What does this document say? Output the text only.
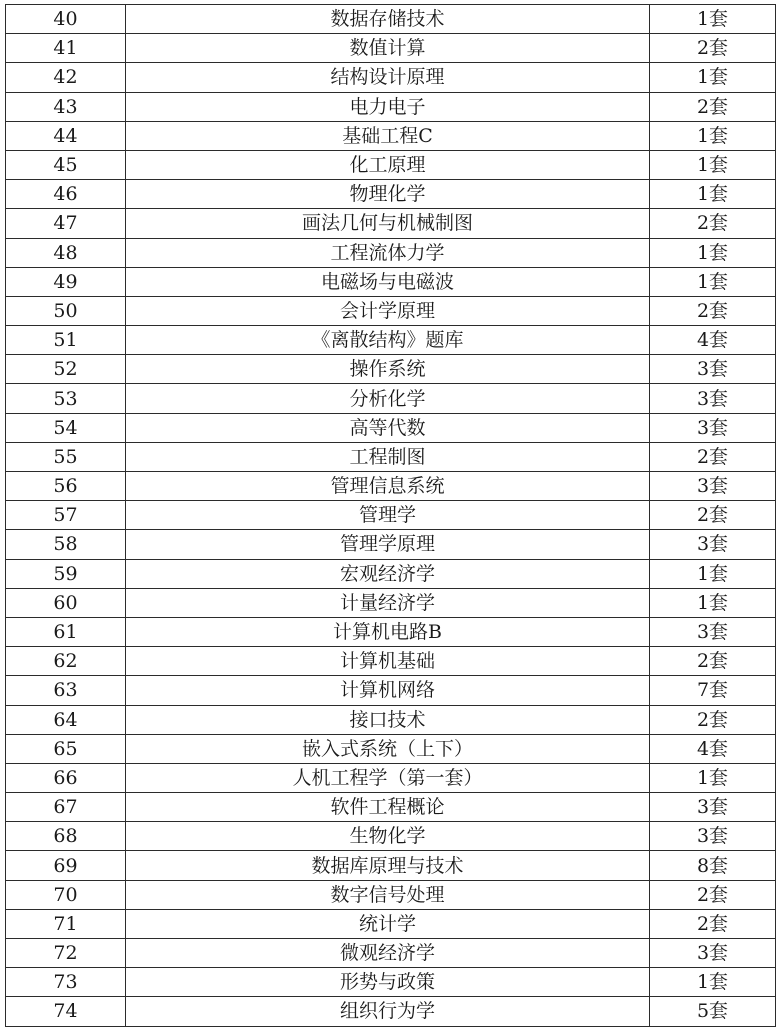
40	数据存储技术	1套
41	数值计算	2套
42	结构设计原理	1套
43	电力电子	2套
44	基础工程C	1套
45	化工原理	1套
46	物理化学	1套
47	画法几何与机械制图	2套
48	工程流体力学	1套
49	电磁场与电磁波	1套
50	会计学原理	2套
51	《离散结构》题库	4套
52	操作系统	3套
53	分析化学	3套
54	高等代数	3套
55	工程制图	2套
56	管理信息系统	3套
57	管理学	2套
58	管理学原理	3套
59	宏观经济学	1套
60	计量经济学	1套
61	计算机电路B	3套
62	计算机基础	2套
63	计算机网络	7套
64	接口技术	2套
65	嵌入式系统（上下）	4套
66	人机工程学（第一套）	1套
67	软件工程概论	3套
68	生物化学	3套
69	数据库原理与技术	8套
70	数字信号处理	2套
71	统计学	2套
72	微观经济学	3套
73	形势与政策	1套
74	组织行为学	5套
